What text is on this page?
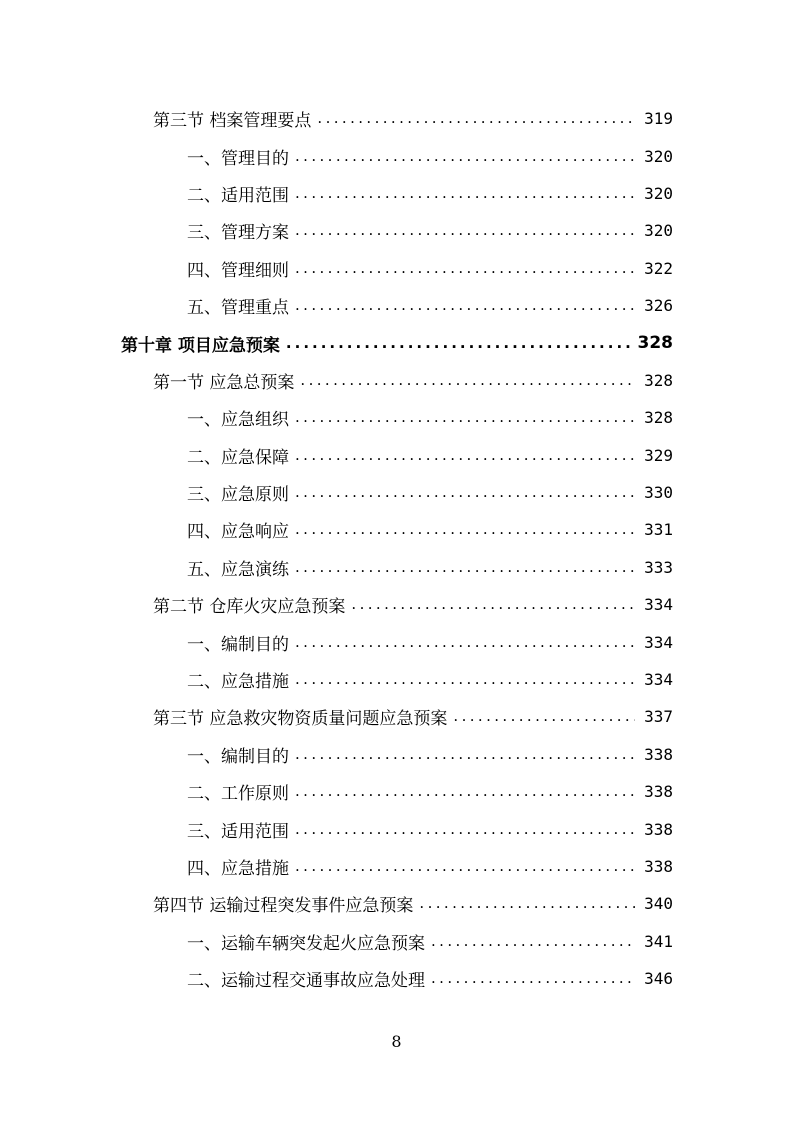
第三节 档案管理要点 .....	319
一、管理目的 .....	320
二、适用范围 .....	320
三、管理方案 .....	320
四、管理细则 .....	322
五、管理重点 .....	326
第十章 项目应急预案 .....	328
第一节 应急总预案 .....	328
一、应急组织 .....	328
二、应急保障 .....	329
三、应急原则 .....	330
四、应急响应 .....	331
五、应急演练 .....	333
第二节 仓库火灾应急预案 .....	334
一、编制目的 .....	334
二、应急措施 .....	334
第三节 应急救灾物资质量问题应急预案 .....	337
一、编制目的 .....	338
二、工作原则 .....	338
三、适用范围 .....	338
四、应急措施 .....	338
第四节 运输过程突发事件应急预案 .....	340
一、运输车辆突发起火应急预案 .....	341
二、运输过程交通事故应急处理 .....	346
8
